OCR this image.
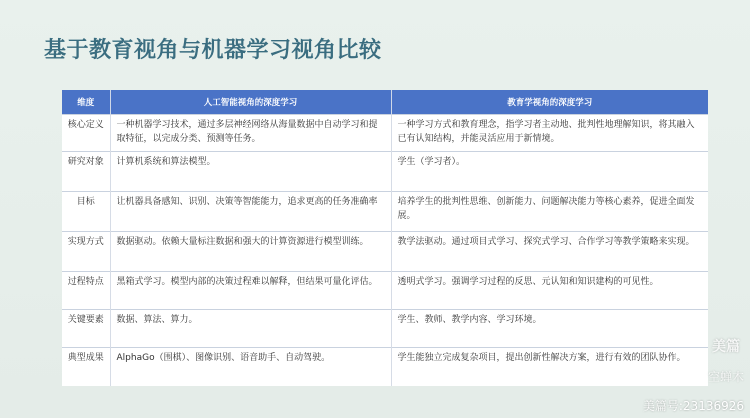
基于教育视角与机器学习视角比较
维度	人工智能视角的深度学习	教育学视角的深度学习
核心定义	一种机器学习技术，通过多层神经网络从海量数据中自动学习和提取特征，以完成分类、预测等任务。	一种学习方式和教育理念，指学习者主动地、批判性地理解知识，将其融入已有认知结构，并能灵活应用于新情境。
研究对象	计算机系统和算法模型。	学生（学习者）。
目标	让机器具备感知、识别、决策等智能能力，追求更高的任务准确率	培养学生的批判性思维、创新能力、问题解决能力等核心素养，促进全面发展。
实现方式	数据驱动。依赖大量标注数据和强大的计算资源进行模型训练。	教学法驱动。通过项目式学习、探究式学习、合作学习等教学策略来实现。
过程特点	黑箱式学习。模型内部的决策过程难以解释，但结果可量化评估。	透明式学习。强调学习过程的反思、元认知和知识建构的可见性。
关键要素	数据、算法、算力。	学生、教师、教学内容、学习环境。
典型成果	AlphaGo（围棋）、图像识别、语音助手、自动驾驶。	学生能独立完成复杂项目，提出创新性解决方案，进行有效的团队协作。
美篇
空蝉木
美篇号:23136926
